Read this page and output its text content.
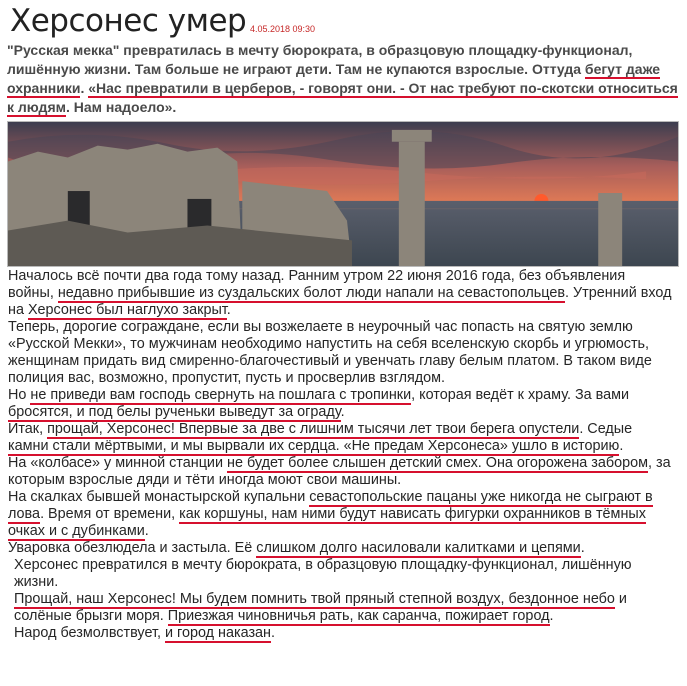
Херсонес умер 4.05.2018 09:30
"Русская мекка" превратилась в мечту бюрократа, в образцовую площадку-функционал, лишённую жизни. Там больше не играют дети. Там не купаются взрослые. Оттуда бегут даже охранники. «Нас превратили в церберов, - говорят они. - От нас требуют по-скотски относиться к людям. Нам надоело».

Началось всё почти два года тому назад. Ранним утром 22 июня 2016 года, без объявления войны, недавно прибывшие из суздальских болот люди напали на севастопольцев. Утренний вход на Херсонес был наглухо закрыт.

Теперь, дорогие сограждане, если вы возжелаете в неурочный час попасть на святую землю «Русской Мекки», то мужчинам необходимо напустить на себя вселенскую скорбь и угрюмость, женщинам придать вид смиренно-благочестивый и увенчать главу белым платом. В таком виде полиция вас, возможно, пропустит, пусть и просверлив взглядом.

Но не приведи вам господь свернуть на пошлага с тропинки, которая ведёт к храму. За вами бросятся, и под белы рученьки выведут за ограду.

Итак, прощай, Херсонес! Впервые за две с лишним тысячи лет твои берега опустели. Седые камни стали мёртвыми, и мы вырвали их сердца. «Не предам Херсонеса» ушло в историю.

На «колбасе» у минной станции не будет более слышен детский смех. Она огорожена забором, за которым взрослые дяди и тёти иногда моют свои машины.

На скалках бывшей монастырской купальни севастопольские пацаны уже никогда не сыграют в лова. Время от времени, как коршуны, нам ними будут нависать фигурки охранников в тёмных очках и с дубинками.

Уваровка обезлюдела и застыла. Её слишком долго насиловали калитками и цепями.

Херсонес превратился в мечту бюрократа, в образцовую площадку-функционал, лишённую жизни.

Прощай, наш Херсонес! Мы будем помнить твой пряный степной воздух, бездонное небо и солёные брызги моря. Приезжая чиновничья рать, как саранча, пожирает город.

Народ безмолвствует, и город наказан.
